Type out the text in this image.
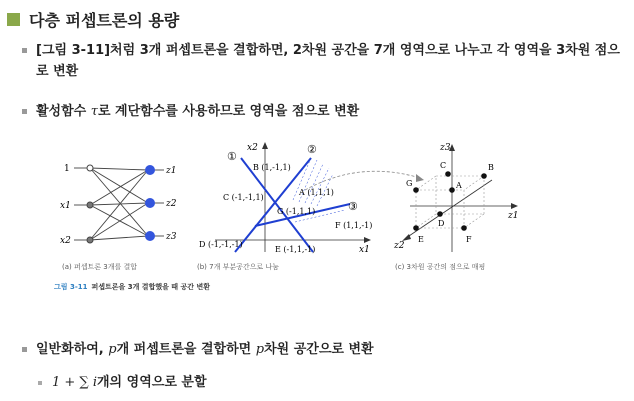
다층 퍼셉트론의 용량
[그림 3-11]처럼 3개 퍼셉트론을 결합하면, 2차원 공간을 7개 영역으로 나누고 각 영역을 3차원 점으
로 변환
활성함수 τ로 계단함수를 사용하므로 영역을 점으로 변환
1
x1
x2
z1
z2
z3
(a) 퍼셉트론 3개를 결합
x2
x1
①
②
③
B (1,-1,1)
C (-1,-1,1)
A (1,1,1)
G (-1,1,1)
F (1,1,-1)
D (-1,-1,-1)
E (-1,1,-1)
(b) 7개 부분공간으로 나눔
z3
z1
z2
C	B
G	A
D
E	F
(c) 3차원 공간의 점으로 매핑
그림 3-11 퍼셉트론을 3개 결합했을 때 공간 변환
일반화하여, p개 퍼셉트론을 결합하면 p차원 공간으로 변환
1 + ∑ i개의 영역으로 분할
